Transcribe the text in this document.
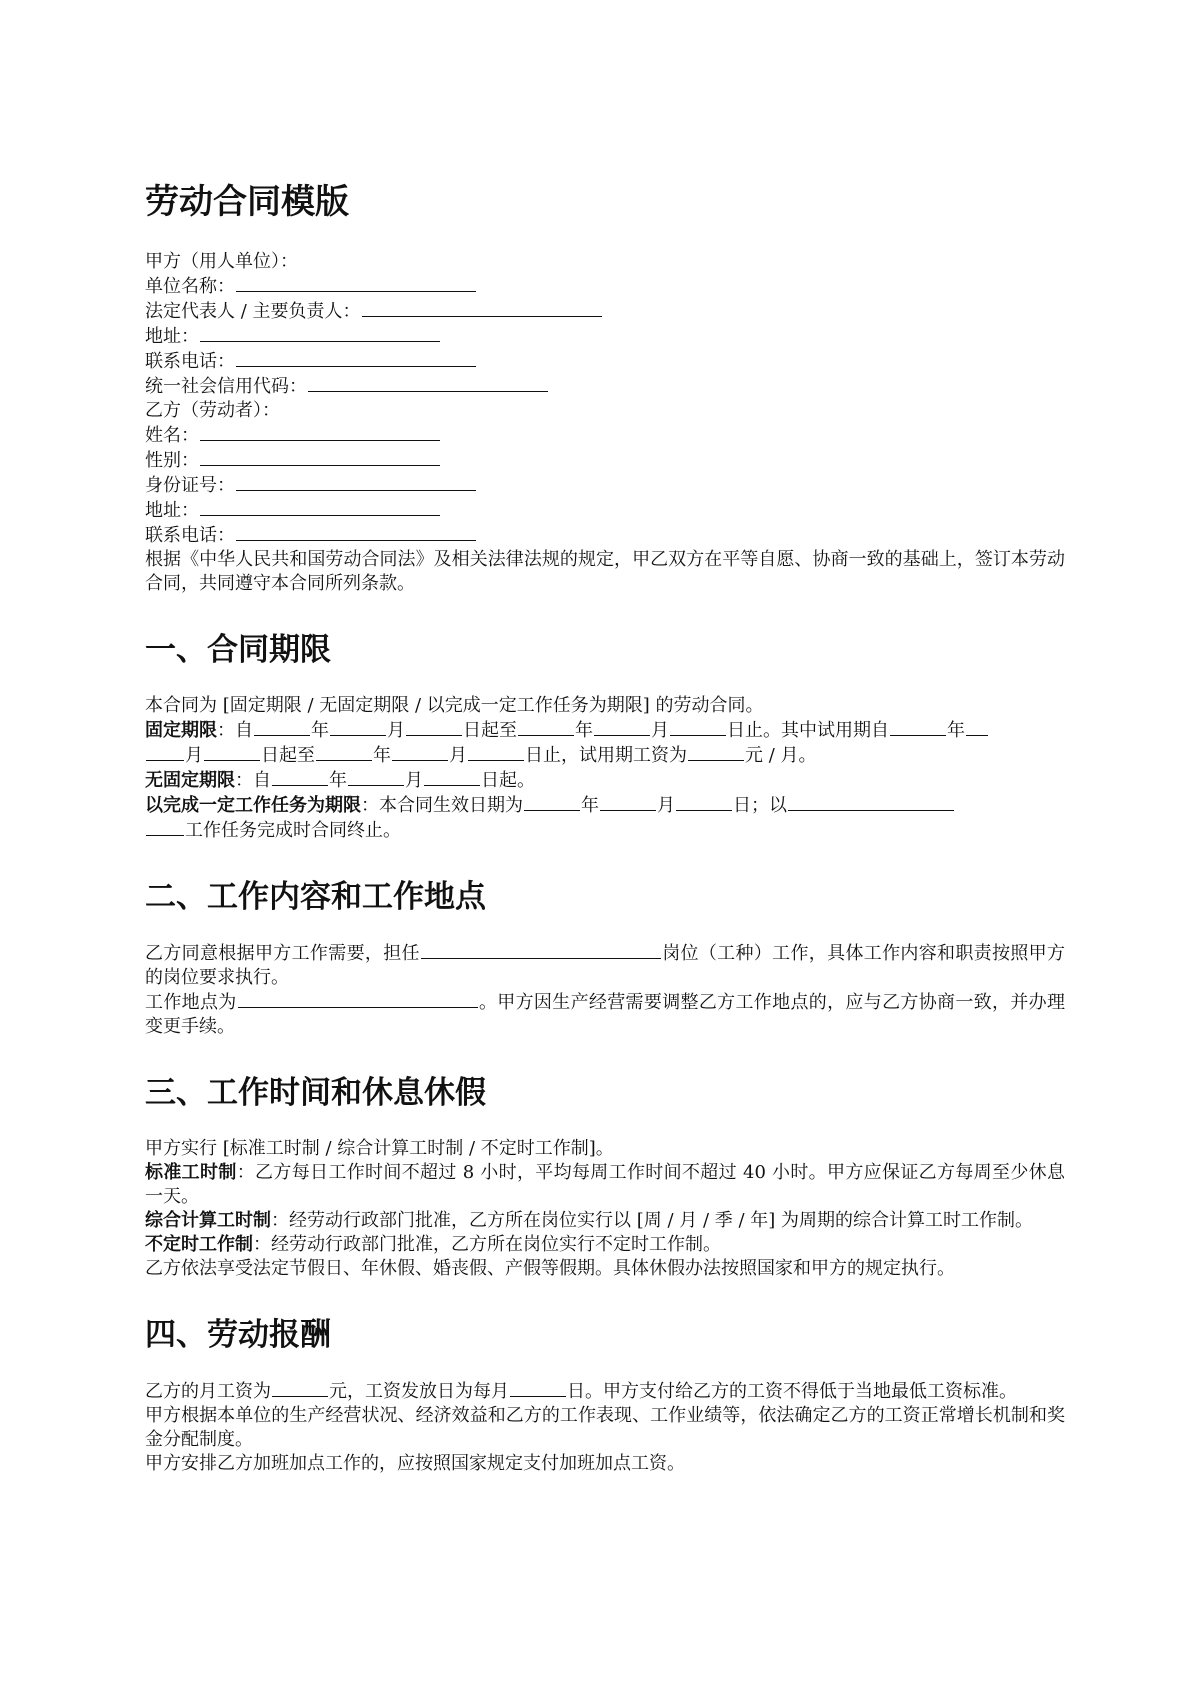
劳动合同模版
甲方（用人单位）：
单位名称：
法定代表人 / 主要负责人：
地址：
联系电话：
统一社会信用代码：
乙方（劳动者）：
姓名：
性别：
身份证号：
地址：
联系电话：
根据《中华人民共和国劳动合同法》及相关法律法规的规定，甲乙双方在平等自愿、协商一致的基础上，签订本劳动合同，共同遵守本合同所列条款。
一、合同期限
本合同为 [固定期限 / 无固定期限 / 以完成一定工作任务为期限] 的劳动合同。
固定期限：自	年	月	日起至	年	月	日止。其中试用期自	年
月	日起至	年	月	日止，试用期工资为	元 / 月。
无固定期限：自	年	月	日起。
以完成一定工作任务为期限：本合同生效日期为	年	月	日；以
工作任务完成时合同终止。
二、工作内容和工作地点
乙方同意根据甲方工作需要，担任	岗位（工种）工作，具体工作内容和职责按照甲方的岗位要求执行。
工作地点为	。甲方因生产经营需要调整乙方工作地点的，应与乙方协商一致，并办理变更手续。
三、工作时间和休息休假
甲方实行 [标准工时制 / 综合计算工时制 / 不定时工作制]。
标准工时制：乙方每日工作时间不超过 8 小时，平均每周工作时间不超过 40 小时。甲方应保证乙方每周至少休息一天。
综合计算工时制：经劳动行政部门批准，乙方所在岗位实行以 [周 / 月 / 季 / 年] 为周期的综合计算工时工作制。
不定时工作制：经劳动行政部门批准，乙方所在岗位实行不定时工作制。
乙方依法享受法定节假日、年休假、婚丧假、产假等假期。具体休假办法按照国家和甲方的规定执行。
四、劳动报酬
乙方的月工资为	元，工资发放日为每月	日。甲方支付给乙方的工资不得低于当地最低工资标准。
甲方根据本单位的生产经营状况、经济效益和乙方的工作表现、工作业绩等，依法确定乙方的工资正常增长机制和奖金分配制度。
甲方安排乙方加班加点工作的，应按照国家规定支付加班加点工资。
